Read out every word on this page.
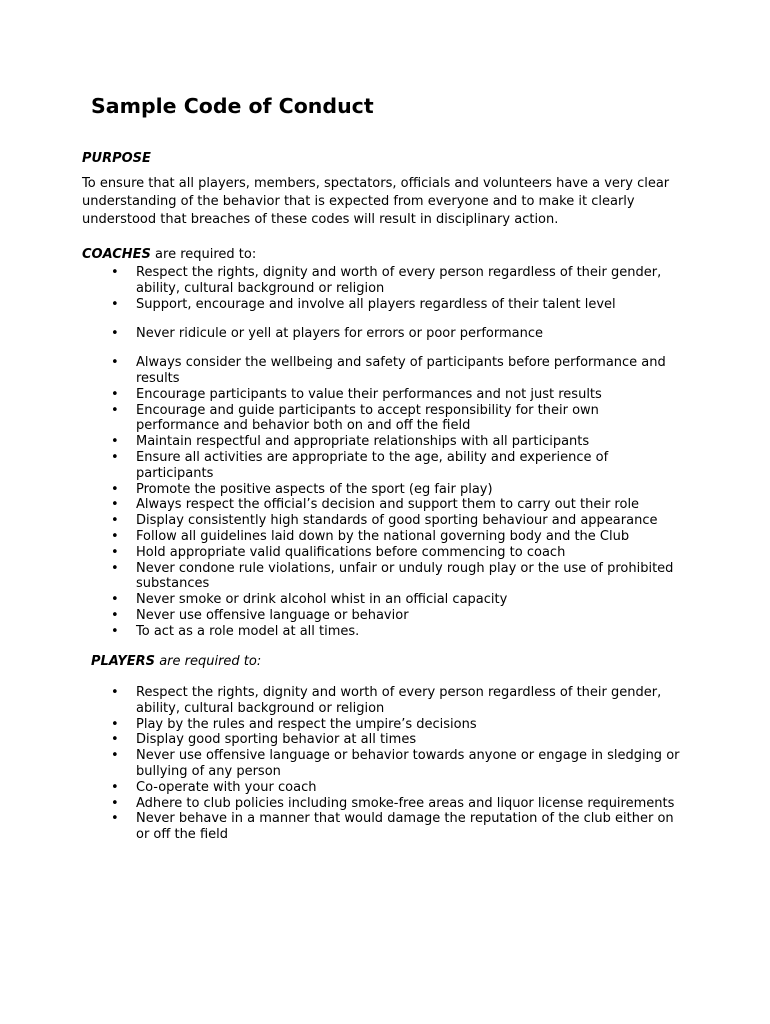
Sample Code of Conduct

PURPOSE

To ensure that all players, members, spectators, officials and volunteers have a very clear understanding of the behavior that is expected from everyone and to make it clearly understood that breaches of these codes will result in disciplinary action.

COACHES are required to:

• Respect the rights, dignity and worth of every person regardless of their gender, ability, cultural background or religion
• Support, encourage and involve all players regardless of their talent level
• Never ridicule or yell at players for errors or poor performance
• Always consider the wellbeing and safety of participants before performance and results
• Encourage participants to value their performances and not just results
• Encourage and guide participants to accept responsibility for their own performance and behavior both on and off the field
• Maintain respectful and appropriate relationships with all participants
• Ensure all activities are appropriate to the age, ability and experience of participants
• Promote the positive aspects of the sport (eg fair play)
• Always respect the official’s decision and support them to carry out their role
• Display consistently high standards of good sporting behaviour and appearance
• Follow all guidelines laid down by the national governing body and the Club
• Hold appropriate valid qualifications before commencing to coach
• Never condone rule violations, unfair or unduly rough play or the use of prohibited substances
• Never smoke or drink alcohol whist in an official capacity
• Never use offensive language or behavior
• To act as a role model at all times.

PLAYERS are required to:

• Respect the rights, dignity and worth of every person regardless of their gender, ability, cultural background or religion
• Play by the rules and respect the umpire’s decisions
• Display good sporting behavior at all times
• Never use offensive language or behavior towards anyone or engage in sledging or bullying of any person
• Co-operate with your coach
• Adhere to club policies including smoke-free areas and liquor license requirements
• Never behave in a manner that would damage the reputation of the club either on or off the field
